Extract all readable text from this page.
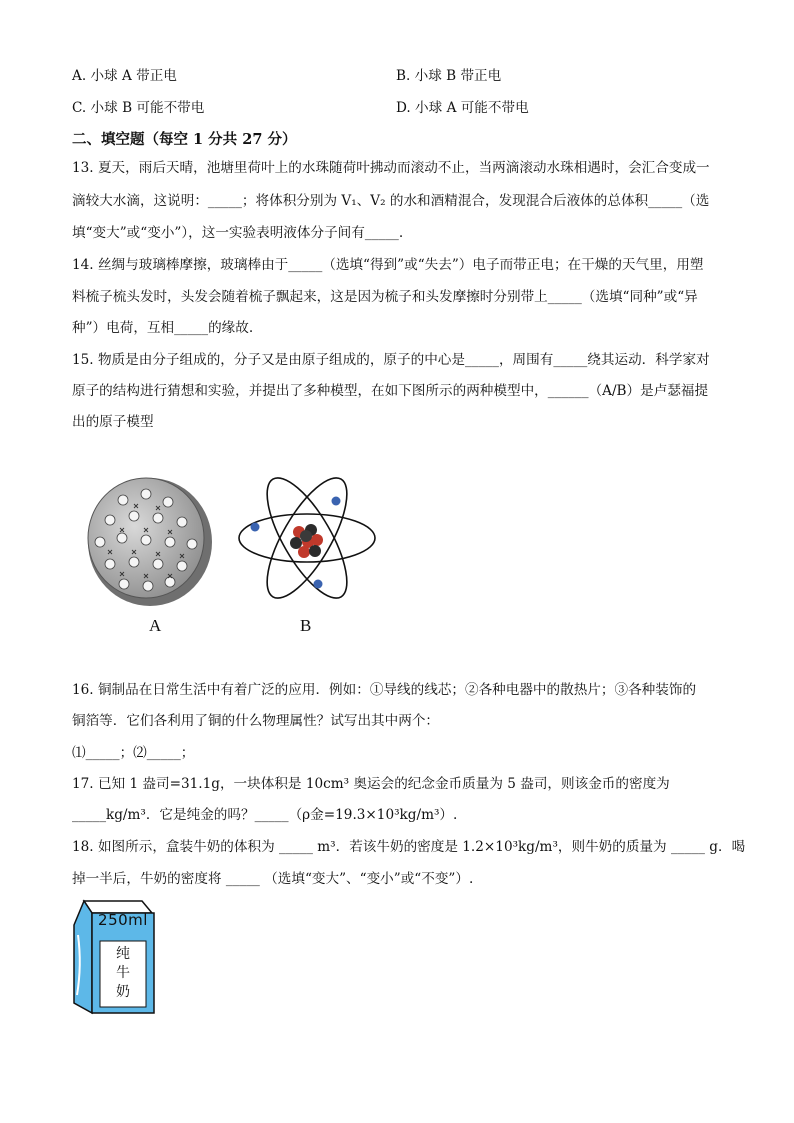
A. 小球 A 带正电	B. 小球 B 带正电
C. 小球 B 可能不带电	D. 小球 A 可能不带电
二、填空题（每空 1 分共 27 分）
13. 夏天，雨后天晴，池塘里荷叶上的水珠随荷叶拂动而滚动不止，当两滴滚动水珠相遇时，会汇合变成一
滴较大水滴，这说明：_____；将体积分别为 V₁、V₂ 的水和酒精混合，发现混合后液体的总体积_____（选
填“变大”或“变小”），这一实验表明液体分子间有_____.
14. 丝绸与玻璃棒摩擦，玻璃棒由于_____（选填“得到”或“失去”）电子而带正电；在干燥的天气里，用塑
料梳子梳头发时，头发会随着梳子飘起来，这是因为梳子和头发摩擦时分别带上_____（选填“同种”或“异
种”）电荷，互相_____的缘故.
15. 物质是由分子组成的，分子又是由原子组成的，原子的中心是_____，周围有_____绕其运动．科学家对
原子的结构进行猜想和实验，并提出了多种模型，在如下图所示的两种模型中，______（A/B）是卢瑟福提
出的原子模型
A	B
16. 铜制品在日常生活中有着广泛的应用．例如：①导线的线芯；②各种电器中的散热片；③各种装饰的
铜箔等．它们各利用了铜的什么物理属性？试写出其中两个：
⑴_____；⑵_____；
17. 已知 1 盎司=31.1g，一块体积是 10cm³ 奥运会的纪念金币质量为 5 盎司，则该金币的密度为
_____kg/m³．它是纯金的吗？_____（ρ金=19.3×10³kg/m³）.
18. 如图所示，盒装牛奶的体积为 _____ m³．若该牛奶的密度是 1.2×10³kg/m³，则牛奶的质量为 _____ g．喝
掉一半后，牛奶的密度将 _____ （选填“变大”、“变小”或“不变”）.
250ml
纯
牛
奶
